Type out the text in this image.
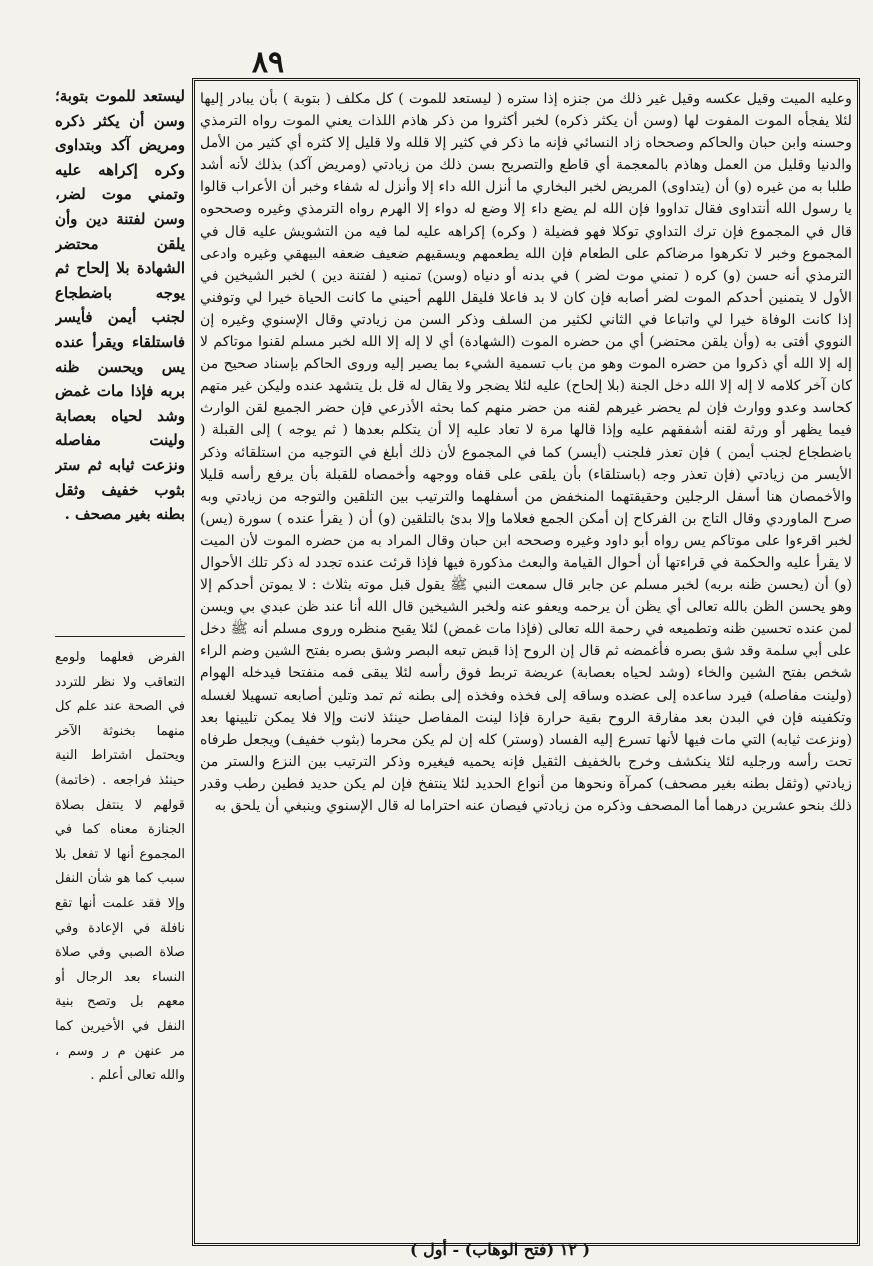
٨٩

وعليه الميت وقيل عكسه وقيل غير ذلك من جنزه إذا ستره ( ليستعد للموت ) كل مكلف ( بتوبة ) بأن يبادر إليها لئلا يفجأه الموت المفوت لها (وسن أن يكثر ذكره) لخبر أكثروا من ذكر هاذم اللذات يعني الموت رواه الترمذي وحسنه وابن حبان والحاكم وصححاه زاد النسائي فإنه ما ذكر في كثير إلا قلله ولا قليل إلا كثره أي كثير من الأمل والدنيا وقليل من العمل وهاذم بالمعجمة أي قاطع والتصريح بسن ذلك من زيادتي (ومريض آكد) بذلك لأنه أشد طلبا به من غيره (و) أن (يتداوى) المريض لخبر البخاري ما أنزل الله داء إلا وأنزل له شفاء وخبر أن الأعراب قالوا يا رسول الله أنتداوى فقال تداووا فإن الله لم يضع داء إلا وضع له دواء إلا الهرم رواه الترمذي وغيره وصححوه قال في المجموع فإن ترك التداوي توكلا فهو فضيلة ( وكره) إكراهه عليه لما فيه من التشويش عليه قال في المجموع وخبر لا تكرهوا مرضاكم على الطعام فإن الله يطعمهم ويسقيهم ضعيف ضعفه البيهقي وغيره وادعى الترمذي أنه حسن (و) كره ( تمني موت لضر ) في بدنه أو دنياه (وسن) تمنيه ( لفتنة دين ) لخبر الشيخين في الأول لا يتمنين أحدكم الموت لضر أصابه فإن كان لا بد فاعلا فليقل اللهم أحيني ما كانت الحياة خيرا لي وتوفني إذا كانت الوفاة خيرا لي واتباعا في الثاني لكثير من السلف وذكر السن من زيادتي وقال الإسنوي وغيره إن النووي أفتى به (وأن يلقن محتضر) أي من حضره الموت (الشهادة) أي لا إله إلا الله لخبر مسلم لقنوا موتاكم لا إله إلا الله أي ذكروا من حضره الموت وهو من باب تسمية الشيء بما يصير إليه وروى الحاكم بإسناد صحيح من كان آخر كلامه لا إله إلا الله دخل الجنة (بلا إلحاح) عليه لئلا يضجر ولا يقال له قل بل يتشهد عنده وليكن غير متهم كحاسد وعدو ووارث فإن لم يحضر غيرهم لقنه من حضر منهم كما بحثه الأذرعي فإن حضر الجميع لقن الوارث فيما يظهر أو ورثة لقنه أشفقهم عليه وإذا قالها مرة لا تعاد عليه إلا أن يتكلم بعدها ( ثم يوجه ) إلى القبلة ( باضطجاع لجنب أيمن ) فإن تعذر فلجنب (أيسر) كما في المجموع لأن ذلك أبلغ في التوجيه من استلقائه وذكر الأيسر من زيادتي (فإن تعذر وجه (باستلقاء) بأن يلقى على قفاه ووجهه وأخمصاه للقبلة بأن يرفع رأسه قليلا والأخمصان هنا أسفل الرجلين وحقيقتهما المنخفض من أسفلهما والترتيب بين التلقين والتوجه من زيادتي وبه صرح الماوردي وقال التاج بن الفركاح إن أمكن الجمع فعلاما وإلا بدئ بالتلقين (و) أن ( يقرأ عنده ) سورة (يس) لخبر اقرءوا على موتاكم يس رواه أبو داود وغيره وصححه ابن حبان وقال المراد به من حضره الموت لأن الميت لا يقرأ عليه والحكمة في قراءتها أن أحوال القيامة والبعث مذكورة فيها فإذا قرئت عنده تجدد له ذكر تلك الأحوال (و) أن (يحسن ظنه بربه) لخبر مسلم عن جابر قال سمعت النبي ﷺ يقول قبل موته بثلاث : لا يموتن أحدكم إلا وهو يحسن الظن بالله تعالى أي يظن أن يرحمه ويعفو عنه ولخبر الشيخين قال الله أنا عند ظن عبدي بي ويسن لمن عنده تحسين ظنه وتطميعه في رحمة الله تعالى (فإذا مات غمض) لئلا يقبح منظره وروى مسلم أنه ﷺ دخل على أبي سلمة وقد شق بصره فأغمضه ثم قال إن الروح إذا قبض تبعه البصر وشق بصره بفتح الشين وضم الراء شخص بفتح الشين والخاء (وشد لحياه بعصابة) عريضة تربط فوق رأسه لئلا يبقى فمه منفتحا فيدخله الهوام (ولينت مفاصله) فيرد ساعده إلى عضده وساقه إلى فخذه وفخذه إلى بطنه ثم تمد وتلين أصابعه تسهيلا لغسله وتكفينه فإن في البدن بعد مفارقة الروح بقية حرارة فإذا لينت المفاصل حينئذ لانت وإلا فلا يمكن تليينها بعد (ونزعت ثيابه) التي مات فيها لأنها تسرع إليه الفساد (وستر) كله إن لم يكن محرما (بثوب خفيف) ويجعل طرفاه تحت رأسه ورجليه لئلا ينكشف وخرج بالخفيف الثقيل فإنه يحميه فيغيره وذكر الترتيب بين النزع والستر من زيادتي (وثقل بطنه بغير مصحف) كمرآة ونحوها من أنواع الحديد لئلا ينتفخ فإن لم يكن حديد فطين رطب وقدر ذلك بنحو عشرين درهما أما المصحف وذكره من زيادتي فيصان عنه احتراما له قال الإسنوي وينبغي أن يلحق به

ليستعد للموت بتوبة؛ وسن أن يكثر ذكره ومريض آكد وبتداوى وكره إكراهه عليه وتمني موت لضر، وسن لفتنة دين وأن يلقن محتضر الشهادة بلا إلحاح ثم يوجه باضطجاع لجنب أيمن فأيسر فاستلقاء ويقرأ عنده يس ويحسن ظنه بربه فإذا مات غمض وشد لحياه بعصابة ولينت مفاصله ونزعت ثيابه ثم ستر بثوب خفيف وثقل بطنه بغير مصحف .

الفرض فعلهما ولومع التعاقب ولا نظر للتردد في الصحة عند علم كل منهما بخنوثة الآخر ويحتمل اشتراط النية حينئذ فراجعه . (خاتمة) قولهم لا ينتفل بصلاة الجنازة معناه كما في المجموع أنها لا تفعل بلا سبب كما هو شأن النفل وإلا فقد علمت أنها تقع نافلة في الإعادة وفي صلاة الصبي وفي صلاة النساء بعد الرجال أو معهم بل وتصح بنية النفل في الأخيرين كما مر عنهن م ر وسم ، والله تعالى أعلم .

( ١٢ (فتح الوهاب) - أول )
